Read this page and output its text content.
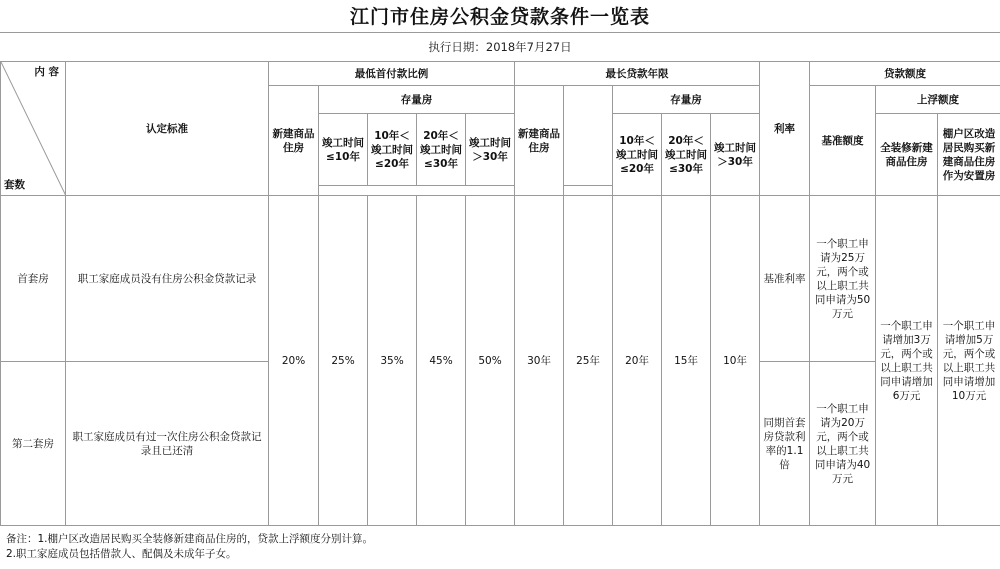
江门市住房公积金贷款条件一览表
执行日期：2018年7月27日
内 容
套数	认定标准	最低首付款比例					最长贷款年限					利率	贷款额度		
		新建商品住房	存量房				新建商品住房		存量房				基准额度	上浮额度	
			竣工时间≤10年	10年＜竣工时间≤20年	20年＜竣工时间≤30年	竣工时间＞30年			10年＜竣工时间≤20年	20年＜竣工时间≤30年	竣工时间＞30年			全装修新建商品住房	棚户区改造居民购买新建商品住房作为安置房

首套房	职工家庭成员没有住房公积金贷款记录	20%	25%	35%	45%	50%	30年	25年	20年	15年	10年	基准利率	一个职工申请为25万元，两个或以上职工共同申请为50万元	一个职工申请增加3万元，两个或以上职工共同申请增加6万元	一个职工申请增加5万元，两个或以上职工共同申请增加10万元
第二套房	职工家庭成员有过一次住房公积金贷款记录且已还清											同期首套房贷款利率的1.1倍	一个职工申请为20万元，两个或以上职工共同申请为40万元		
备注：1.棚户区改造居民购买全装修新建商品住房的，贷款上浮额度分别计算。
2.职工家庭成员包括借款人、配偶及未成年子女。
